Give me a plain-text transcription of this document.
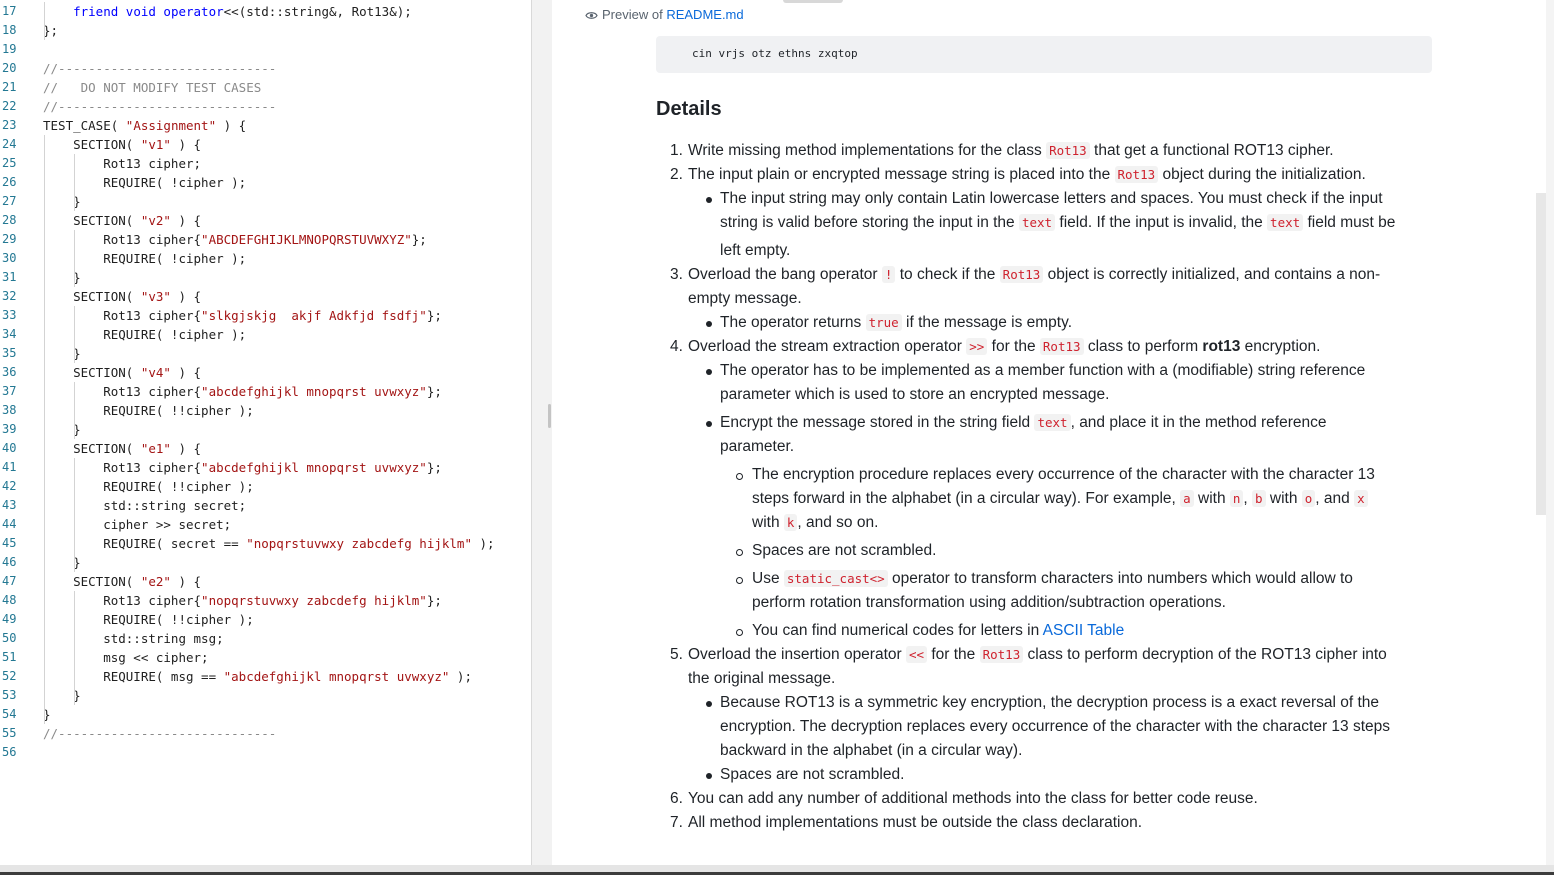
17	friend void operator<<(std::string&, Rot13&);
18	};
19
20	//-----------------------------
21	//   DO NOT MODIFY TEST CASES
22	//-----------------------------
23	TEST_CASE( "Assignment" ) {
24	SECTION( "v1" ) {
25	Rot13 cipher;
26	REQUIRE( !cipher );
27	}
28	SECTION( "v2" ) {
29	Rot13 cipher{"ABCDEFGHIJKLMNOPQRSTUVWXYZ"};
30	REQUIRE( !cipher );
31	}
32	SECTION( "v3" ) {
33	Rot13 cipher{"slkgjskjg  akjf Adkfjd fsdfj"};
34	REQUIRE( !cipher );
35	}
36	SECTION( "v4" ) {
37	Rot13 cipher{"abcdefghijkl mnopqrst uvwxyz"};
38	REQUIRE( !!cipher );
39	}
40	SECTION( "e1" ) {
41	Rot13 cipher{"abcdefghijkl mnopqrst uvwxyz"};
42	REQUIRE( !!cipher );
43	std::string secret;
44	cipher >> secret;
45	REQUIRE( secret == "nopqrstuvwxy zabcdefg hijklm" );
46	}
47	SECTION( "e2" ) {
48	Rot13 cipher{"nopqrstuvwxy zabcdefg hijklm"};
49	REQUIRE( !!cipher );
50	std::string msg;
51	msg << cipher;
52	REQUIRE( msg == "abcdefghijkl mnopqrst uvwxyz" );
53	}
54	}
55	//-----------------------------
56
Preview of README.md
cin vrjs otz ethns zxqtop
Details
1. Write missing method implementations for the class Rot13 that get a functional ROT13 cipher.
2. The input plain or encrypted message string is placed into the Rot13 object during the initialization.
The input string may only contain Latin lowercase letters and spaces. You must check if the input
string is valid before storing the input in the text field. If the input is invalid, the text field must be
left empty.
3. Overload the bang operator ! to check if the Rot13 object is correctly initialized, and contains a non-
empty message.
The operator returns true if the message is empty.
4. Overload the stream extraction operator >> for the Rot13 class to perform rot13 encryption.
The operator has to be implemented as a member function with a (modifiable) string reference
parameter which is used to store an encrypted message.
Encrypt the message stored in the string field text , and place it in the method reference
parameter.
The encryption procedure replaces every occurrence of the character with the character 13
steps forward in the alphabet (in a circular way). For example, a with n , b with o , and x
with k , and so on.
Spaces are not scrambled.
Use static_cast<> operator to transform characters into numbers which would allow to
perform rotation transformation using addition/subtraction operations.
You can find numerical codes for letters in ASCII Table
5. Overload the insertion operator << for the Rot13 class to perform decryption of the ROT13 cipher into
the original message.
Because ROT13 is a symmetric key encryption, the decryption process is a exact reversal of the
encryption. The decryption replaces every occurrence of the character with the character 13 steps
backward in the alphabet (in a circular way).
Spaces are not scrambled.
6. You can add any number of additional methods into the class for better code reuse.
7. All method implementations must be outside the class declaration.
